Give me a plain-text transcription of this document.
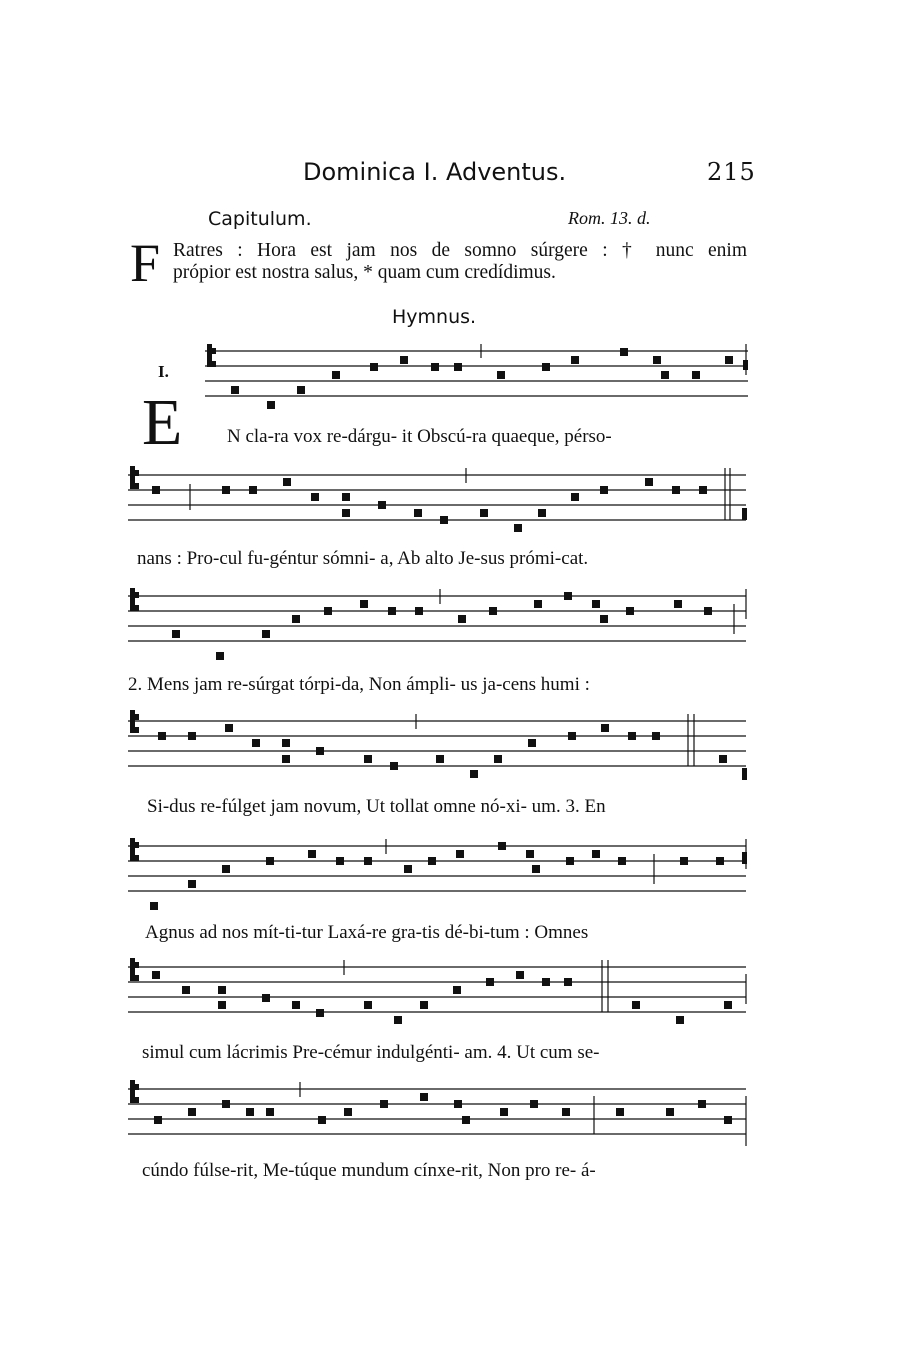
Dominica I. Adventus.	215
Capitulum.	Rom. 13. d.
F Ratres : Hora est jam nos de somno súrgere : † nunc enim
própior est nostra salus, * quam cum credídimus.
Hymnus.
I.
E N cla-ra vox re-dárgu- it Obscú-ra quaeque, pérso-
nans : Pro-cul fu-géntur sómni- a, Ab alto Je-sus prómi-cat.
2. Mens jam re-súrgat tórpi-da, Non ámpli- us ja-cens humi :
Si-dus re-fúlget jam novum, Ut tollat omne nó-xi- um. 3. En
Agnus ad nos mít-ti-tur Laxá-re gra-tis dé-bi-tum : Omnes
simul cum lácrimis Pre-cémur indulgénti- am. 4. Ut cum se-
cúndo fúlse-rit, Me-túque mundum cínxe-rit, Non pro re- á-
